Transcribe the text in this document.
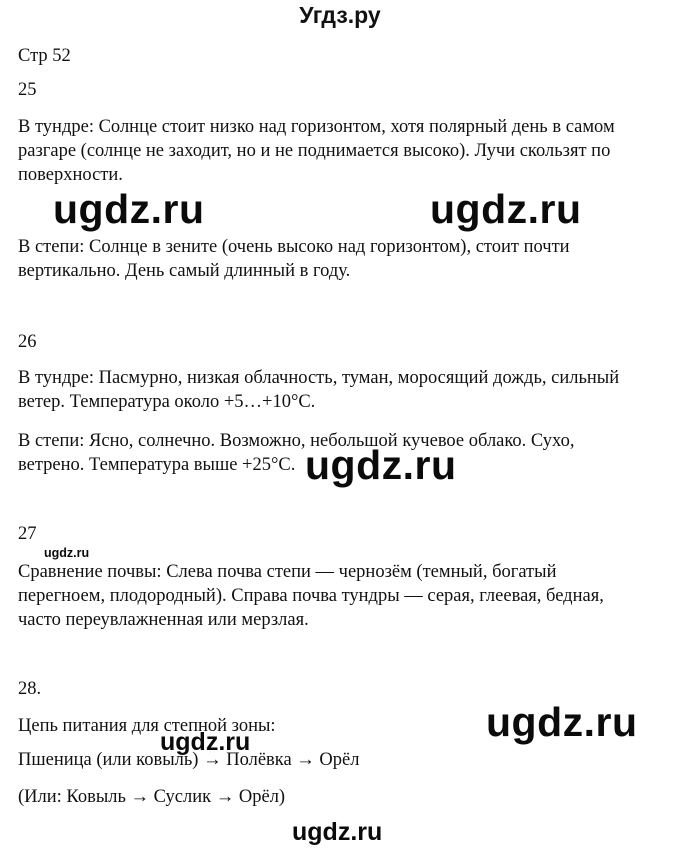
Угдз.ру
Стр 52
25
В тундре: Солнце стоит низко над горизонтом, хотя полярный день в самом
разгаре (солнце не заходит, но и не поднимается высоко). Лучи скользят по
поверхности.
В степи: Солнце в зените (очень высоко над горизонтом), стоит почти
вертикально. День самый длинный в году.
26
В тундре: Пасмурно, низкая облачность, туман, моросящий дождь, сильный
ветер. Температура около +5…+10°C.
В степи: Ясно, солнечно. Возможно, небольшой кучевое облако. Сухо,
ветрено. Температура выше +25°C.
27
Сравнение почвы: Слева почва степи — чернозём (темный, богатый
перегноем, плодородный). Справа почва тундры — серая, глеевая, бедная,
часто переувлажненная или мерзлая.
28.
Цепь питания для степной зоны:
Пшеница (или ковыль) → Полёвка → Орёл
(Или: Ковыль → Суслик → Орёл)
ugdz.ru	ugdz.ru
ugdz.ru
ugdz.ru
ugdz.ru
ugdz.ru
ugdz.ru
